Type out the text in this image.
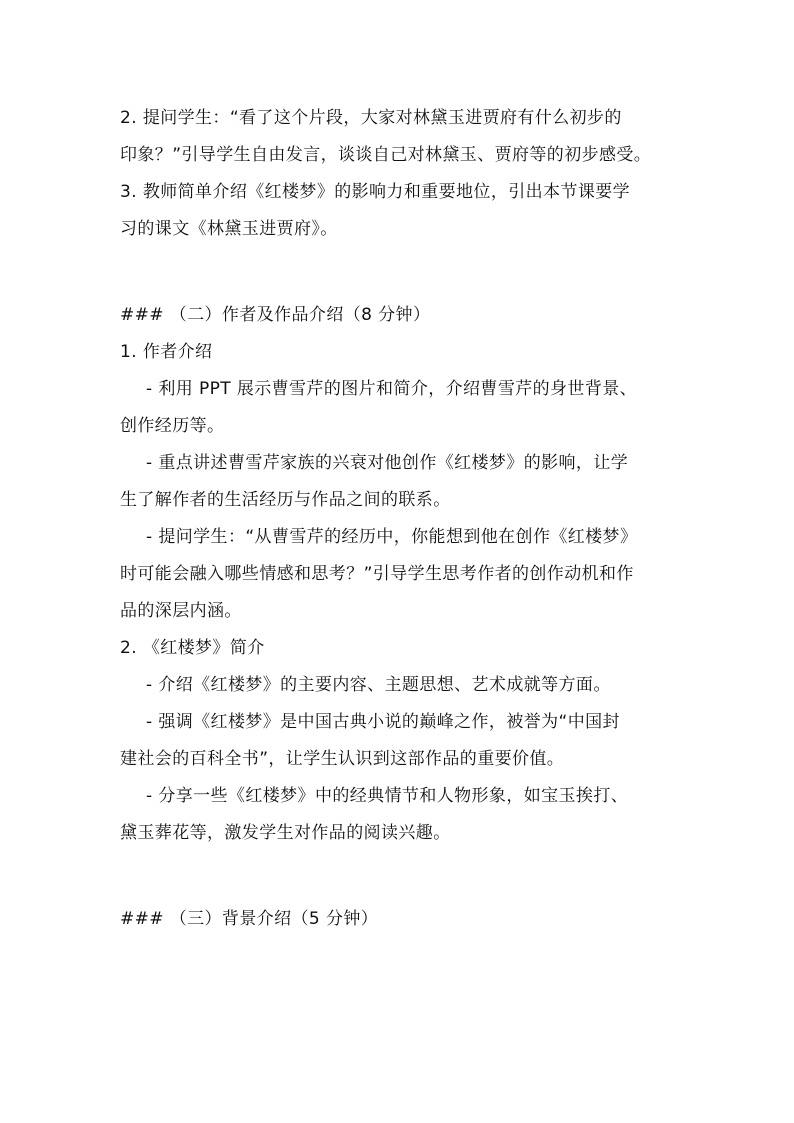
2. 提问学生：“看了这个片段，大家对林黛玉进贾府有什么初步的
印象？”引导学生自由发言，谈谈自己对林黛玉、贾府等的初步感受。
3. 教师简单介绍《红楼梦》的影响力和重要地位，引出本节课要学
习的课文《林黛玉进贾府》。
### （二）作者及作品介绍（8 分钟）
1. 作者介绍
- 利用 PPT 展示曹雪芹的图片和简介，介绍曹雪芹的身世背景、
创作经历等。
- 重点讲述曹雪芹家族的兴衰对他创作《红楼梦》的影响，让学
生了解作者的生活经历与作品之间的联系。
- 提问学生：“从曹雪芹的经历中，你能想到他在创作《红楼梦》
时可能会融入哪些情感和思考？”引导学生思考作者的创作动机和作
品的深层内涵。
2. 《红楼梦》简介
- 介绍《红楼梦》的主要内容、主题思想、艺术成就等方面。
- 强调《红楼梦》是中国古典小说的巅峰之作，被誉为“中国封
建社会的百科全书”，让学生认识到这部作品的重要价值。
- 分享一些《红楼梦》中的经典情节和人物形象，如宝玉挨打、
黛玉葬花等，激发学生对作品的阅读兴趣。
### （三）背景介绍（5 分钟）
